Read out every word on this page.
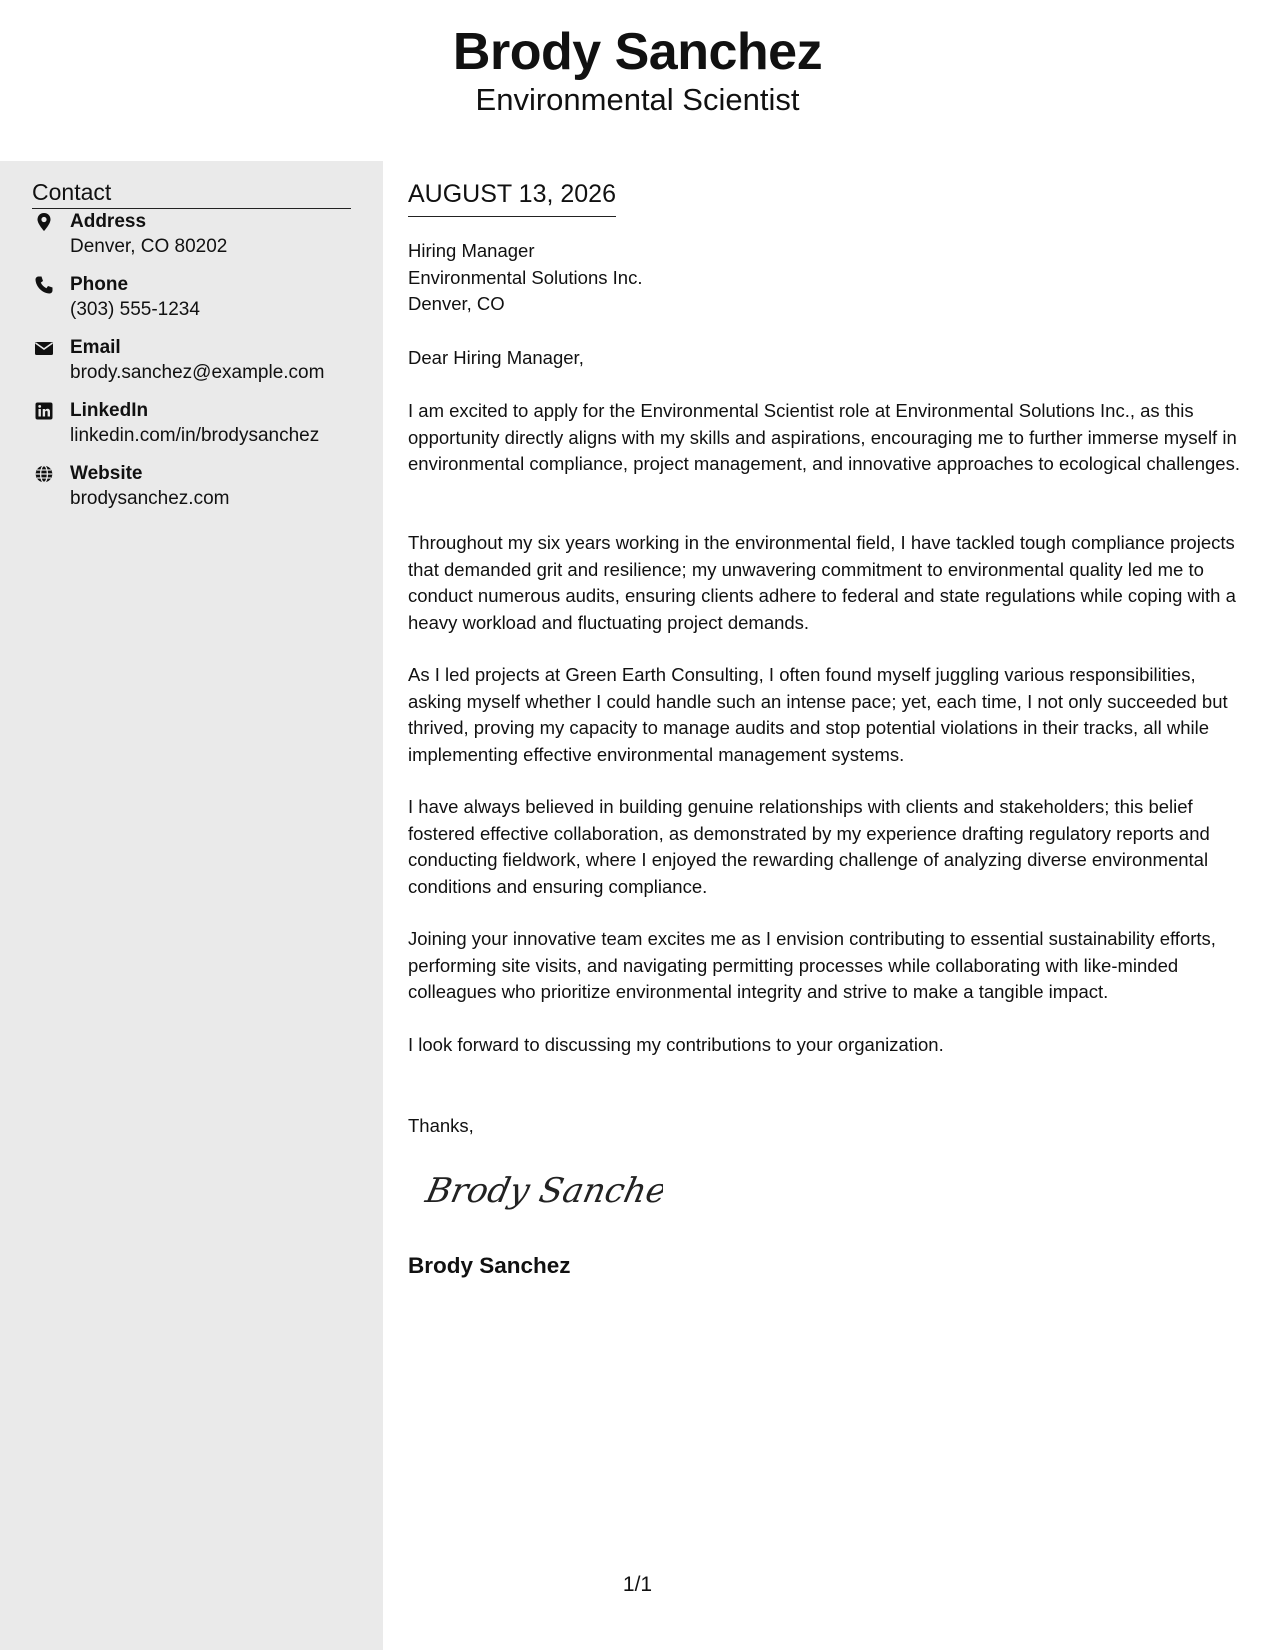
Brody Sanchez
Environmental Scientist
Contact
Address
Denver, CO 80202
Phone
(303) 555-1234
Email
brody.sanchez@example.com
LinkedIn
linkedin.com/in/brodysanchez
Website
brodysanchez.com
AUGUST 13, 2026
Hiring Manager
Environmental Solutions Inc.
Denver, CO
Dear Hiring Manager,
I am excited to apply for the Environmental Scientist role at Environmental Solutions Inc., as this opportunity directly aligns with my skills and aspirations, encouraging me to further immerse myself in environmental compliance, project management, and innovative approaches to ecological challenges.
Throughout my six years working in the environmental field, I have tackled tough compliance projects that demanded grit and resilience; my unwavering commitment to environmental quality led me to conduct numerous audits, ensuring clients adhere to federal and state regulations while coping with a heavy workload and fluctuating project demands.
As I led projects at Green Earth Consulting, I often found myself juggling various responsibilities, asking myself whether I could handle such an intense pace; yet, each time, I not only succeeded but thrived, proving my capacity to manage audits and stop potential violations in their tracks, all while implementing effective environmental management systems.
I have always believed in building genuine relationships with clients and stakeholders; this belief fostered effective collaboration, as demonstrated by my experience drafting regulatory reports and conducting fieldwork, where I enjoyed the rewarding challenge of analyzing diverse environmental conditions and ensuring compliance.
Joining your innovative team excites me as I envision contributing to essential sustainability efforts, performing site visits, and navigating permitting processes while collaborating with like-minded colleagues who prioritize environmental integrity and strive to make a tangible impact.
I look forward to discussing my contributions to your organization.
Thanks,
Brody Sanchez
Brody Sanchez
1/1
